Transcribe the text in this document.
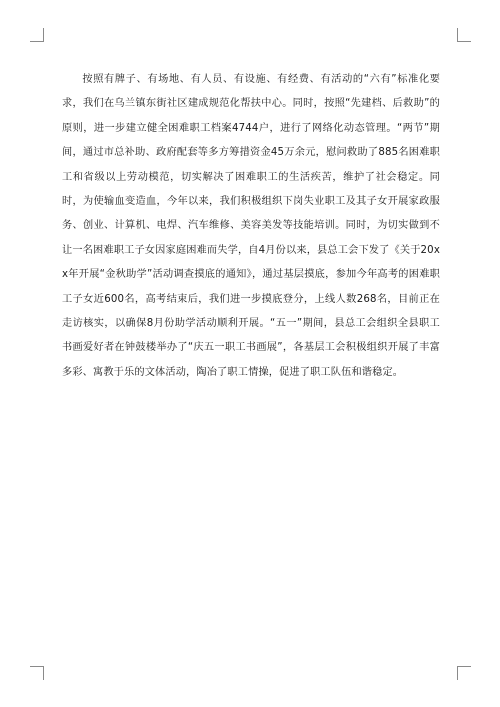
按照有牌子、有场地、有人员、有设施、有经费、有活动的“六有”标准化要求，我们在乌兰镇东街社区建成规范化帮扶中心。同时，按照“先建档、后救助”的原则，进一步建立健全困难职工档案4744户，进行了网络化动态管理。“两节”期间，通过市总补助、政府配套等多方筹措资金45万余元，慰问救助了885名困难职工和省级以上劳动模范，切实解决了困难职工的生活疾苦，维护了社会稳定。同时，为使输血变造血，今年以来，我们积极组织下岗失业职工及其子女开展家政服务、创业、计算机、电焊、汽车维修、美容美发等技能培训。同时，为切实做到不让一名困难职工子女因家庭困难而失学，自4月份以来，县总工会下发了《关于20xx年开展“金秋助学”活动调查摸底的通知》，通过基层摸底，参加今年高考的困难职工子女近600名，高考结束后，我们进一步摸底登分，上线人数268名，目前正在走访核实，以确保8月份助学活动顺利开展。“五一”期间，县总工会组织全县职工书画爱好者在钟鼓楼举办了“庆五一职工书画展”，各基层工会积极组织开展了丰富多彩、寓教于乐的文体活动，陶冶了职工情操，促进了职工队伍和谐稳定。
